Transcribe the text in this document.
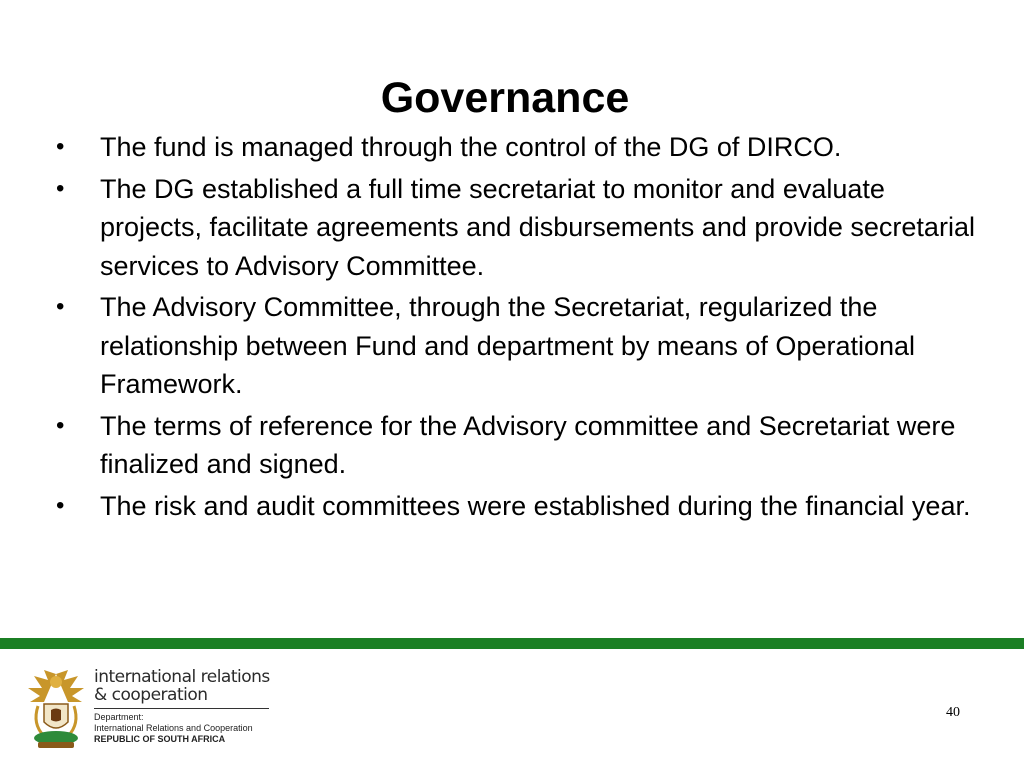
Governance
• The fund is managed through the control of the DG of DIRCO.
• The DG established a full time secretariat to monitor and evaluate projects, facilitate agreements and disbursements and provide secretarial services to Advisory Committee.
• The Advisory Committee, through the Secretariat, regularized the relationship between Fund and department by means of Operational Framework.
• The terms of reference for the Advisory committee and Secretariat were finalized and signed.
• The risk and audit committees were established during the financial year.
international relations
& cooperation
Department:
International Relations and Cooperation
REPUBLIC OF SOUTH AFRICA
40
